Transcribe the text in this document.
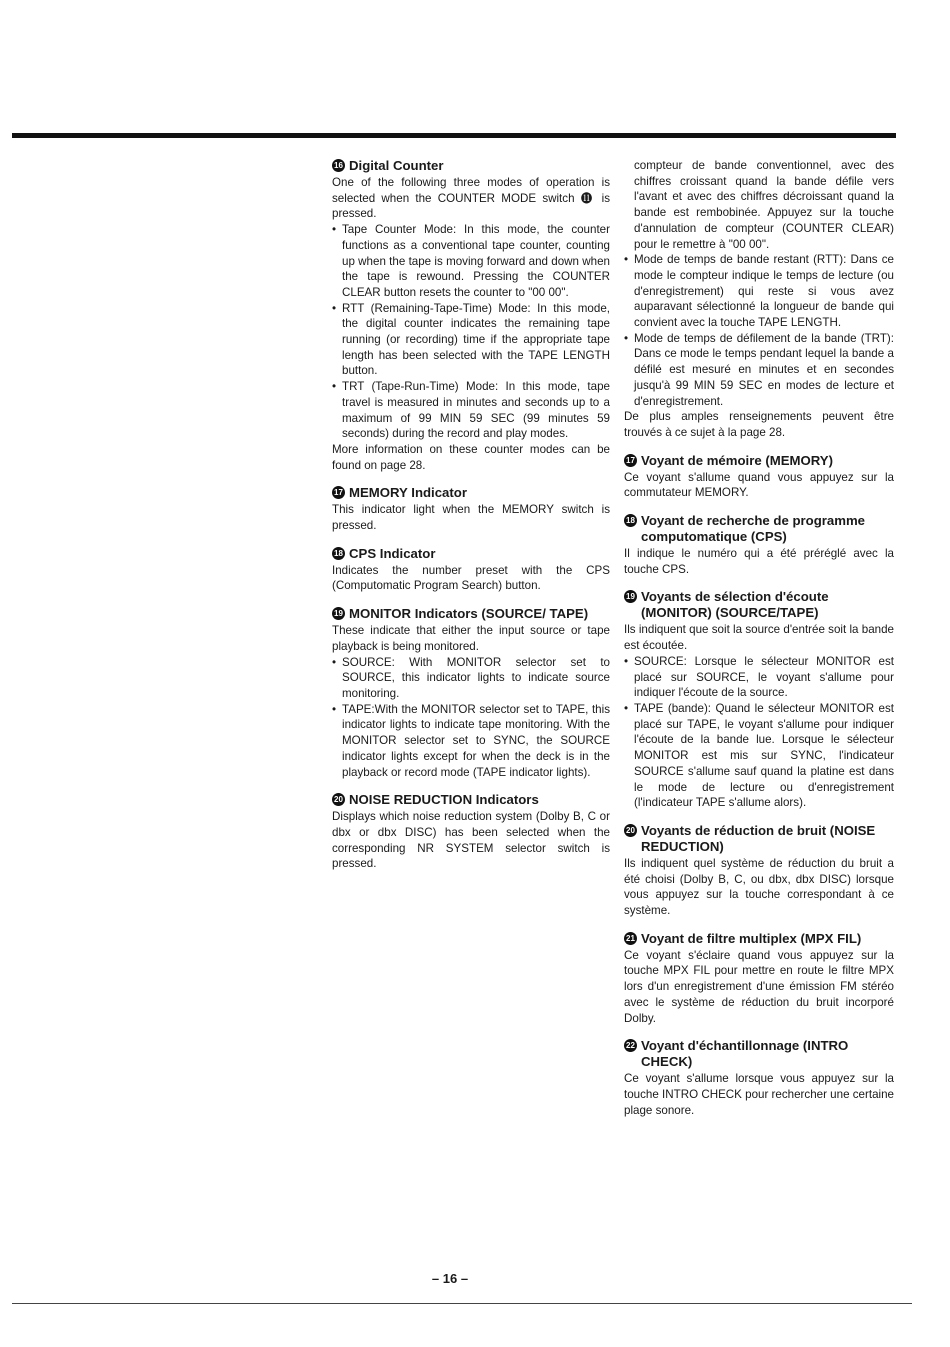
16 Digital Counter

One of the following three modes of operation is selected when the COUNTER MODE switch ⓫ is pressed.

• Tape Counter Mode: In this mode, the counter functions as a conventional tape counter, counting up when the tape is moving forward and down when the tape is rewound. Pressing the COUNTER CLEAR button resets the counter to "00 00".
• RTT (Remaining-Tape-Time) Mode: In this mode, the digital counter indicates the remaining tape running (or recording) time if the appropriate tape length has been selected with the TAPE LENGTH button.
• TRT (Tape-Run-Time) Mode: In this mode, tape travel is measured in minutes and seconds up to a maximum of 99 MIN 59 SEC (99 minutes 59 seconds) during the record and play modes.

More information on these counter modes can be found on page 28.

17 MEMORY Indicator

This indicator light when the MEMORY switch is pressed.

18 CPS Indicator

Indicates the number preset with the CPS (Computomatic Program Search) button.

19 MONITOR Indicators (SOURCE/ TAPE)

These indicate that either the input source or tape playback is being monitored.

• SOURCE: With MONITOR selector set to SOURCE, this indicator lights to indicate source monitoring.
• TAPE:With the MONITOR selector set to TAPE, this indicator lights to indicate tape monitoring. With the MONITOR selector set to SYNC, the SOURCE indicator lights except for when the deck is in the playback or record mode (TAPE indicator lights).
20 NOISE REDUCTION Indicators

Displays which noise reduction system (Dolby B, C or dbx or dbx DISC) has been selected when the corresponding NR SYSTEM selector switch is pressed.

compteur de bande conventionnel, avec des chiffres croissant quand la bande défile vers l'avant et avec des chiffres décroissant quand la bande est rembobinée. Appuyez sur la touche d'annulation de compteur (COUNTER CLEAR) pour le remettre à "00 00".

• Mode de temps de bande restant (RTT): Dans ce mode le compteur indique le temps de lecture (ou d'enregistrement) qui reste si vous avez auparavant sélectionné la longueur de bande qui convient avec la touche TAPE LENGTH.
• Mode de temps de défilement de la bande (TRT): Dans ce mode le temps pendant lequel la bande a défilé est mesuré en minutes et en secondes jusqu'à 99 MIN 59 SEC en modes de lecture et d'enregistrement.

De plus amples renseignements peuvent être trouvés à ce sujet à la page 28.

17 Voyant de mémoire (MEMORY)

Ce voyant s'allume quand vous appuyez sur la commutateur MEMORY.

18 Voyant de recherche de programme computomatique (CPS)

Il indique le numéro qui a été préréglé avec la touche CPS.

19 Voyants de sélection d'écoute (MONITOR) (SOURCE/TAPE)

Ils indiquent que soit la source d'entrée soit la bande est écoutée.

• SOURCE: Lorsque le sélecteur MONITOR est placé sur SOURCE, le voyant s'allume pour indiquer l'écoute de la source.
• TAPE (bande): Quand le sélecteur MONITOR est placé sur TAPE, le voyant s'allume pour indiquer l'écoute de la bande lue. Lorsque le sélecteur MONITOR est mis sur SYNC, l'indicateur SOURCE s'allume sauf quand la platine est dans le mode de lecture ou d'enregistrement (l'indicateur TAPE s'allume alors).
20 Voyants de réduction de bruit (NOISE REDUCTION)

Ils indiquent quel système de réduction du bruit a été choisi (Dolby B, C, ou dbx, dbx DISC) lorsque vous appuyez sur la touche correspondant à ce système.

21 Voyant de filtre multiplex (MPX FIL)

Ce voyant s'éclaire quand vous appuyez sur la touche MPX FIL pour mettre en route le filtre MPX lors d'un enregistrement d'une émission FM stéréo avec le système de réduction du bruit incorporé Dolby.

22 Voyant d'échantillonnage (INTRO CHECK)

Ce voyant s'allume lorsque vous appuyez sur la touche INTRO CHECK pour rechercher une certaine plage sonore.

– 16 –
